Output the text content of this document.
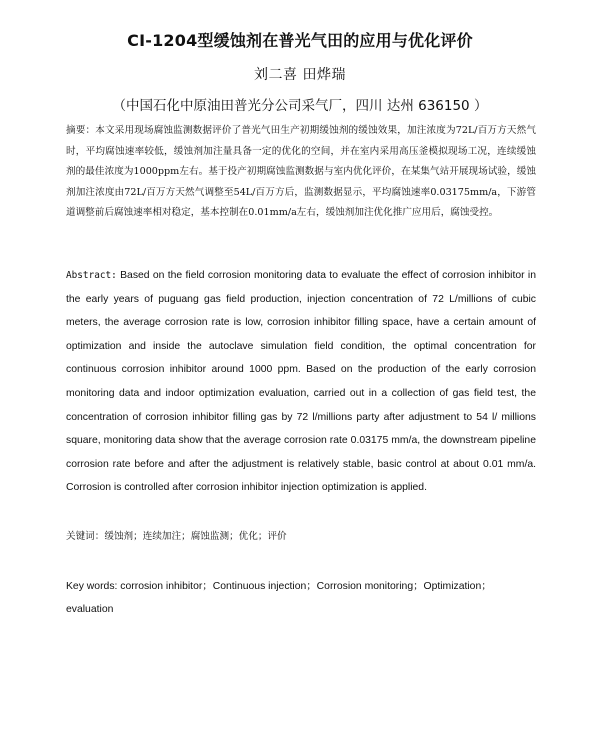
CI-1204型缓蚀剂在普光气田的应用与优化评价
刘二喜 田烨瑞
（中国石化中原油田普光分公司采气厂，四川 达州 636150 ）
摘要：本文采用现场腐蚀监测数据评价了普光气田生产初期缓蚀剂的缓蚀效果，加注浓度为72L/百万方天然气时，平均腐蚀速率较低，缓蚀剂加注量具备一定的优化的空间，并在室内采用高压釜模拟现场工况，连续缓蚀剂的最佳浓度为1000ppm左右。基于投产初期腐蚀监测数据与室内优化评价，在某集气站开展现场试验，缓蚀剂加注浓度由72L/百万方天然气调整至54L/百万方后，监测数据显示，平均腐蚀速率0.03175mm/a，下游管道调整前后腐蚀速率相对稳定，基本控制在0.01mm/a左右，缓蚀剂加注优化推广应用后，腐蚀受控。
Abstract: Based on the field corrosion monitoring data to evaluate the effect of corrosion inhibitor in the early years of puguang gas field production, injection concentration of 72 L/millions of cubic meters, the average corrosion rate is low, corrosion inhibitor filling space, have a certain amount of optimization and inside the autoclave simulation field condition, the optimal concentration for continuous corrosion inhibitor around 1000 ppm. Based on the production of the early corrosion monitoring data and indoor optimization evaluation, carried out in a collection of gas field test, the concentration of corrosion inhibitor filling gas by 72 l/millions party after adjustment to 54 l/ millions square, monitoring data show that the average corrosion rate 0.03175 mm/a, the downstream pipeline corrosion rate before and after the adjustment is relatively stable, basic control at about 0.01 mm/a. Corrosion is controlled after corrosion inhibitor injection optimization is applied.
关键词：缓蚀剂；连续加注；腐蚀监测；优化；评价
Key words: corrosion inhibitor；Continuous injection；Corrosion monitoring；Optimization；evaluation
